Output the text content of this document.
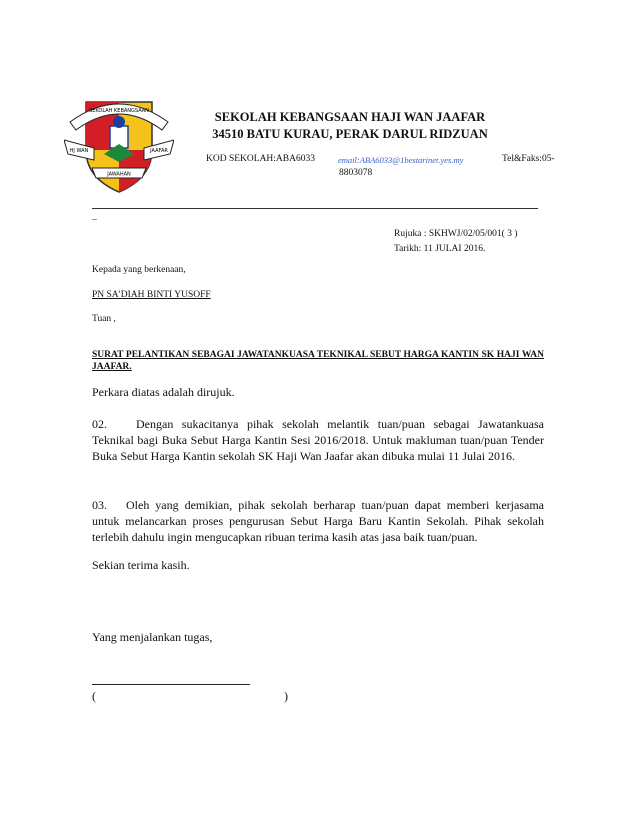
SEKOLAH KEBANGSAAN
HJ WAN	JAAFAR
JAWAHAN
SEKOLAH KEBANGSAAN HAJI WAN JAAFAR
34510 BATU KURAU, PERAK DARUL RIDZUAN
KOD SEKOLAH:ABA6033	email:ABA6033@1bestarinet.yes.my	Tel&Faks:05-
8803078
_
Rujuka : SKHWJ/02/05/001( 3 )
Tarikh: 11 JULAI 2016.
Kepada yang berkenaan,
PN SA’DIAH BINTI YUSOFF
Tuan ,
SURAT PELANTIKAN SEBAGAI JAWATANKUASA TEKNIKAL SEBUT HARGA KANTIN SK HAJI WAN JAAFAR.
Perkara diatas adalah dirujuk.
02. Dengan sukacitanya pihak sekolah melantik tuan/puan sebagai Jawatankuasa Teknikal bagi Buka Sebut Harga Kantin Sesi 2016/2018. Untuk makluman tuan/puan Tender Buka Sebut Harga Kantin sekolah SK Haji Wan Jaafar akan dibuka mulai 11 Julai 2016.
03. Oleh yang demikian, pihak sekolah berharap tuan/puan dapat memberi kerjasama untuk melancarkan proses pengurusan Sebut Harga Baru Kantin Sekolah. Pihak sekolah terlebih dahulu ingin mengucapkan ribuan terima kasih atas jasa baik tuan/puan.
Sekian terima kasih.
Yang menjalankan tugas,
(	)
